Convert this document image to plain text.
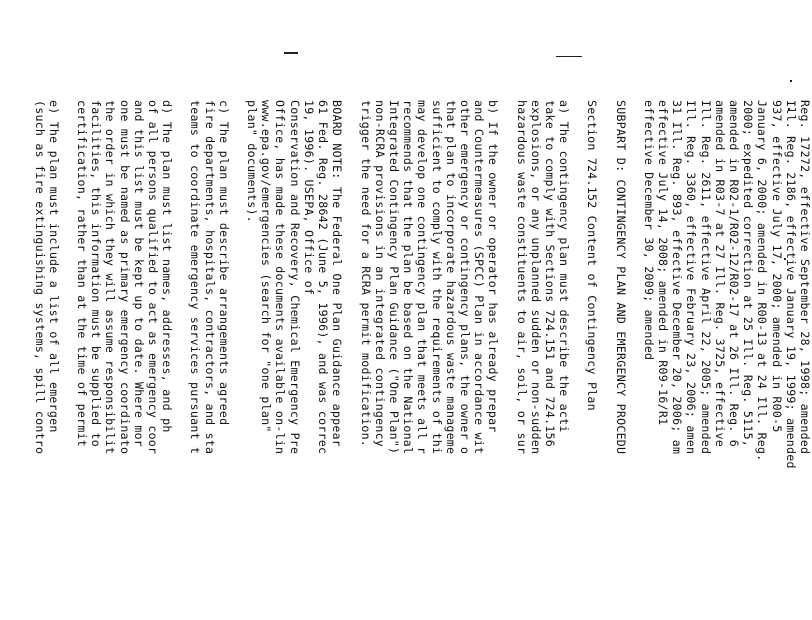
Reg. 17272, effective September 28, 1998; amended
Ill. Reg. 2186, effective January 19, 1999; amended
937, effective July 17, 2000; amended in R00-5
January 6, 2000; amended in R00-13 at 24 Ill. Reg.
2000; expedited correction at 25 Ill. Reg. 5115,
amended in R02-1/R02-12/R02-17 at 26 Ill. Reg. 6
amended in R03-7 at 27 Ill. Reg. 3725, effective
Ill. Reg. 2611, effective April 22, 2005; amended
Ill. Reg. 3360, effective February 23, 2006; amen
31 Ill. Reg. 893, effective December 20, 2006; am
effective July 14, 2008; amended in R09-16/R1
effective December 30, 2009; amended
SUBPART D: CONTINGENCY PLAN AND EMERGENCY PROCEDU
Section 724.152 Content of Contingency Plan
a) The contingency plan must describe the acti
take to comply with Sections 724.151 and 724.156
explosions, or any unplanned sudden or non-sudden
hazardous waste constituents to air, soil, or sur
b) If the owner or operator has already prepar
and Countermeasures (SPCC) Plan in accordance wit
other emergency or contingency plans, the owner o
that plan to incorporate hazardous waste manageme
sufficient to comply with the requirements of thi
may develop one contingency plan that meets all r
recommends that the plan be based on the National
Integrated Contingency Plan Guidance ("One Plan")
non-RCRA provisions in an integrated contingency
trigger the need for a RCRA permit modification.
BOARD NOTE: The Federal One Plan Guidance appear
61 Fed. Reg. 28642 (June 5, 1996), and was correc
19, 1996). USEPA, Office of
Conservation and Recovery, Chemical Emergency Pre
Office, has made these documents available on-lin
www.epa.gov/emergencies (search for "one plan"
plan" documents).
c) The plan must describe arrangements agreed
fire departments, hospitals, contractors, and sta
teams to coordinate emergency services pursuant t
d) The plan must list names, addresses, and ph
of all persons qualified to act as emergency coor
and this list must be kept up to date. Where mor
one must be named as primary emergency coordinato
the order in which they will assume responsibilit
facilities, this information must be supplied to
certification, rather than at the time of permit
e) The plan must include a list of all emergen
(such as fire extinguishing systems, spill contro
